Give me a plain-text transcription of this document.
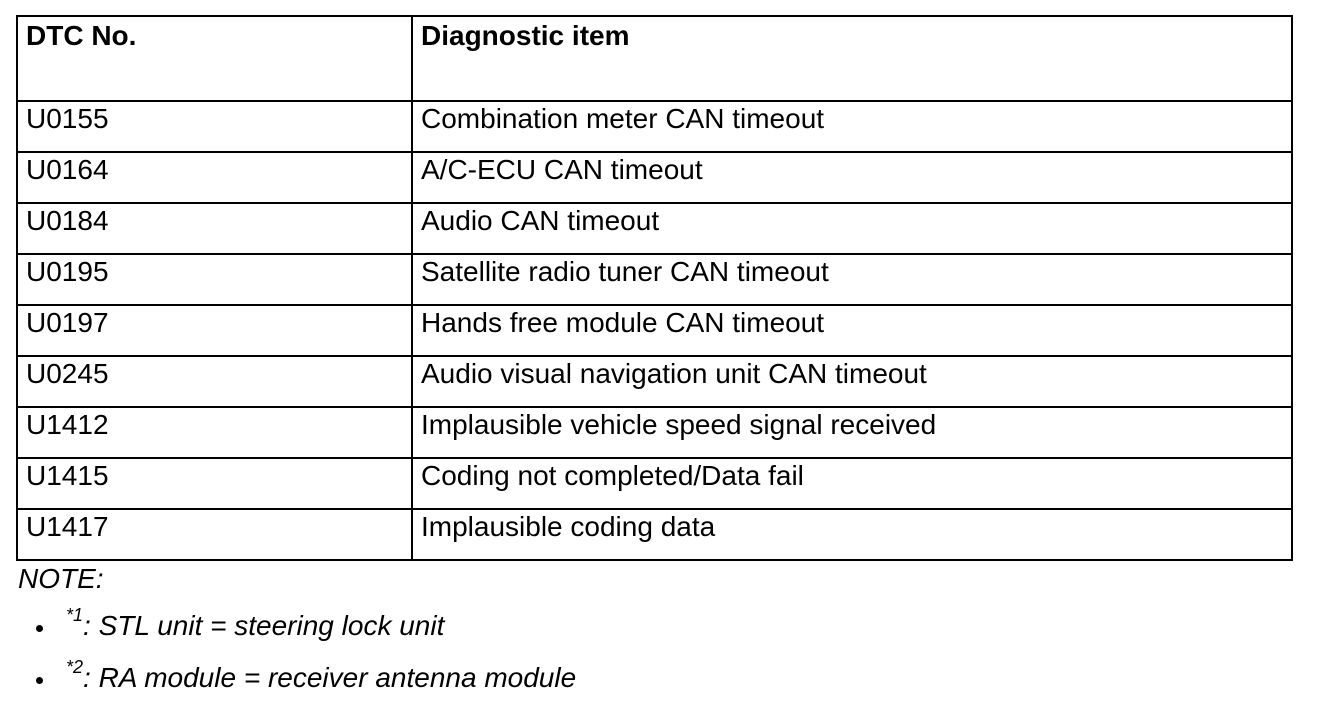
DTC No.	Diagnostic item
U0155	Combination meter CAN timeout
U0164	A/C-ECU CAN timeout
U0184	Audio CAN timeout
U0195	Satellite radio tuner CAN timeout
U0197	Hands free module CAN timeout
U0245	Audio visual navigation unit CAN timeout
U1412	Implausible vehicle speed signal received
U1415	Coding not completed/Data fail
U1417	Implausible coding data
NOTE:
$^{*1}$: STL unit = steering lock unit
$^{*2}$: RA module = receiver antenna module
